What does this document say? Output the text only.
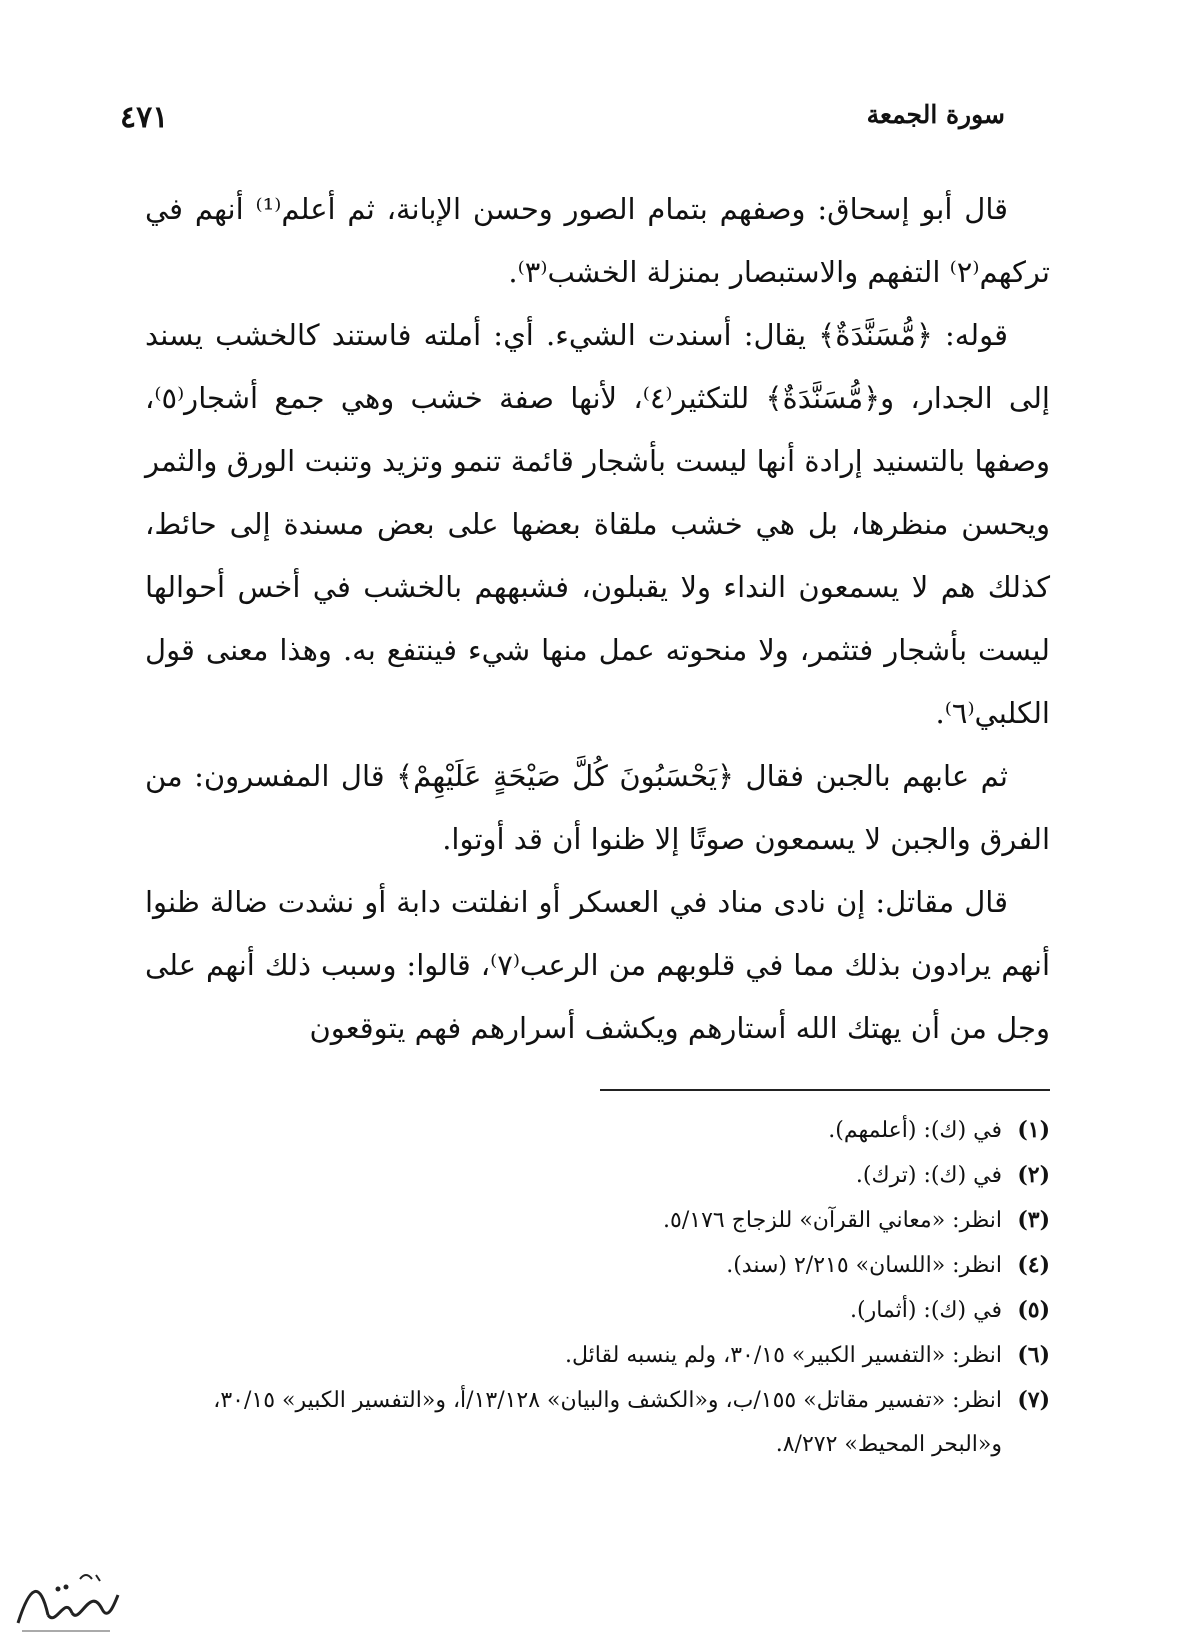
سورة الجمعة
٤٧١

قال أبو إسحاق: وصفهم بتمام الصور وحسن الإبانة، ثم أعلم⁽¹⁾ أنهم في تركهم⁽٢⁾ التفهم والاستبصار بمنزلة الخشب⁽٣⁾.

قوله: ﴿مُّسَنَّدَةٌ﴾ يقال: أسندت الشيء. أي: أملته فاستند كالخشب يسند إلى الجدار، و﴿مُّسَنَّدَةٌ﴾ للتكثير⁽٤⁾، لأنها صفة خشب وهي جمع أشجار⁽٥⁾، وصفها بالتسنيد إرادة أنها ليست بأشجار قائمة تنمو وتزيد وتنبت الورق والثمر ويحسن منظرها، بل هي خشب ملقاة بعضها على بعض مسندة إلى حائط، كذلك هم لا يسمعون النداء ولا يقبلون، فشبههم بالخشب في أخس أحوالها ليست بأشجار فتثمر، ولا منحوته عمل منها شيء فينتفع به. وهذا معنى قول الكلبي⁽٦⁾.

ثم عابهم بالجبن فقال ﴿يَحْسَبُونَ كُلَّ صَيْحَةٍ عَلَيْهِمْ﴾ قال المفسرون: من الفرق والجبن لا يسمعون صوتًا إلا ظنوا أن قد أوتوا.

قال مقاتل: إن نادى مناد في العسكر أو انفلتت دابة أو نشدت ضالة ظنوا أنهم يرادون بذلك مما في قلوبهم من الرعب⁽٧⁾، قالوا: وسبب ذلك أنهم على وجل من أن يهتك الله أستارهم ويكشف أسرارهم فهم يتوقعون

(١)
في (ك): (أعلمهم).
(٢)
في (ك): (ترك).
(٣)
انظر: «معاني القرآن» للزجاج ٥/١٧٦.
(٤)
انظر: «اللسان» ٢/٢١٥ (سند).
(٥)
في (ك): (أثمار).
(٦)
انظر: «التفسير الكبير» ٣٠/١٥، ولم ينسبه لقائل.
(٧)
انظر: «تفسير مقاتل» ١٥٥/ب، و«الكشف والبيان» ١٣/١٢٨/أ، و«التفسير الكبير» ٣٠/١٥، و«البحر المحيط» ٨/٢٧٢.
